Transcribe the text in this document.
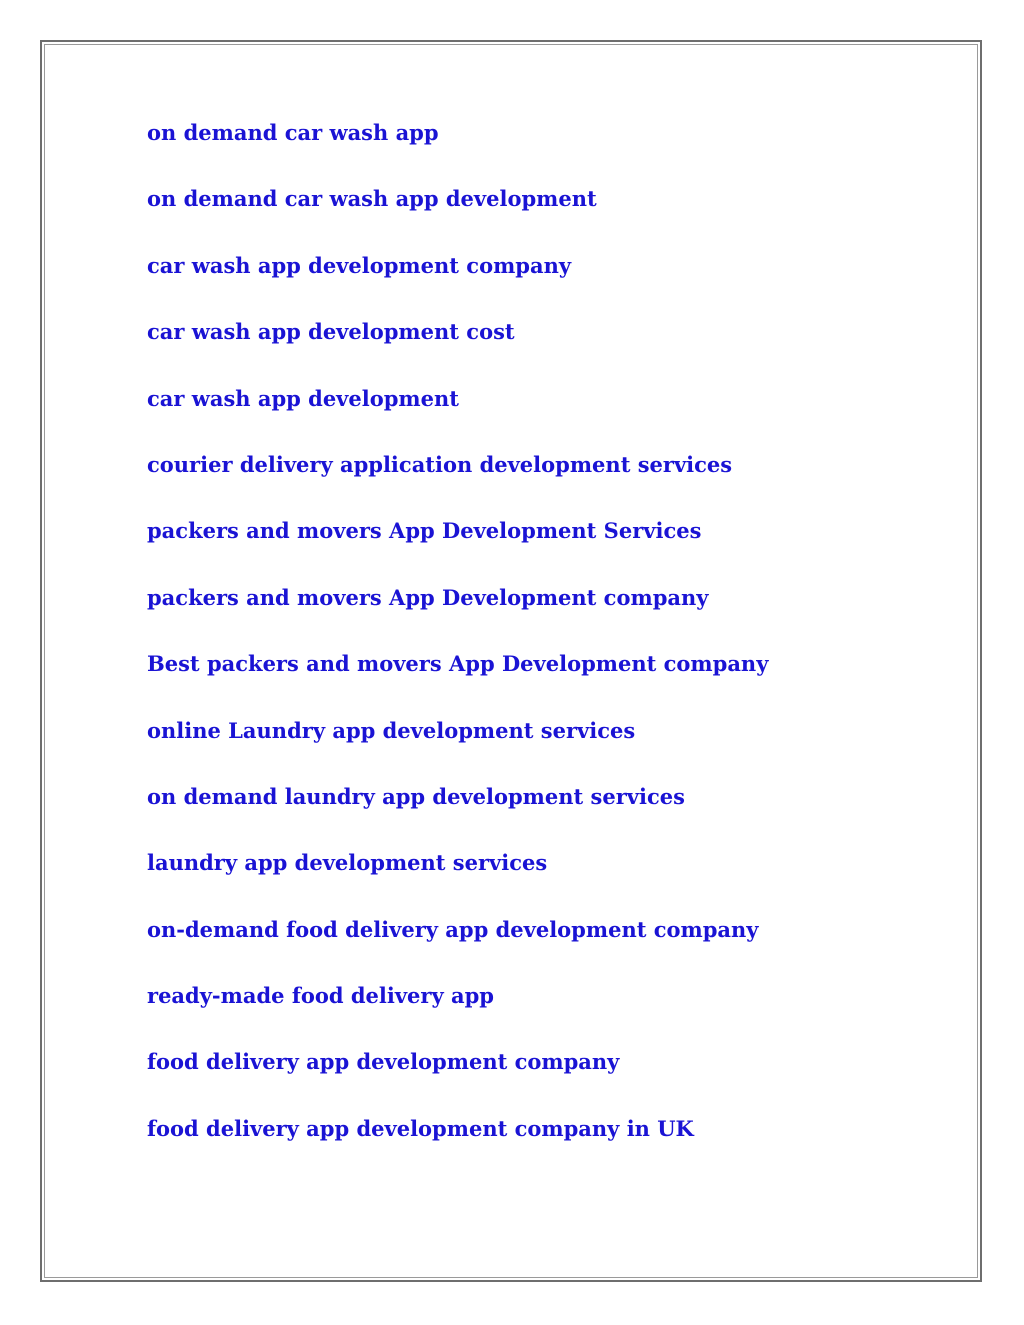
on demand car wash app
on demand car wash app development
car wash app development company
car wash app development cost
car wash app development
courier delivery application development services
packers and movers App Development Services
packers and movers App Development company
Best packers and movers App Development company
online Laundry app development services
on demand laundry app development services
laundry app development services
on-demand food delivery app development company
ready-made food delivery app
food delivery app development company
food delivery app development company in UK
